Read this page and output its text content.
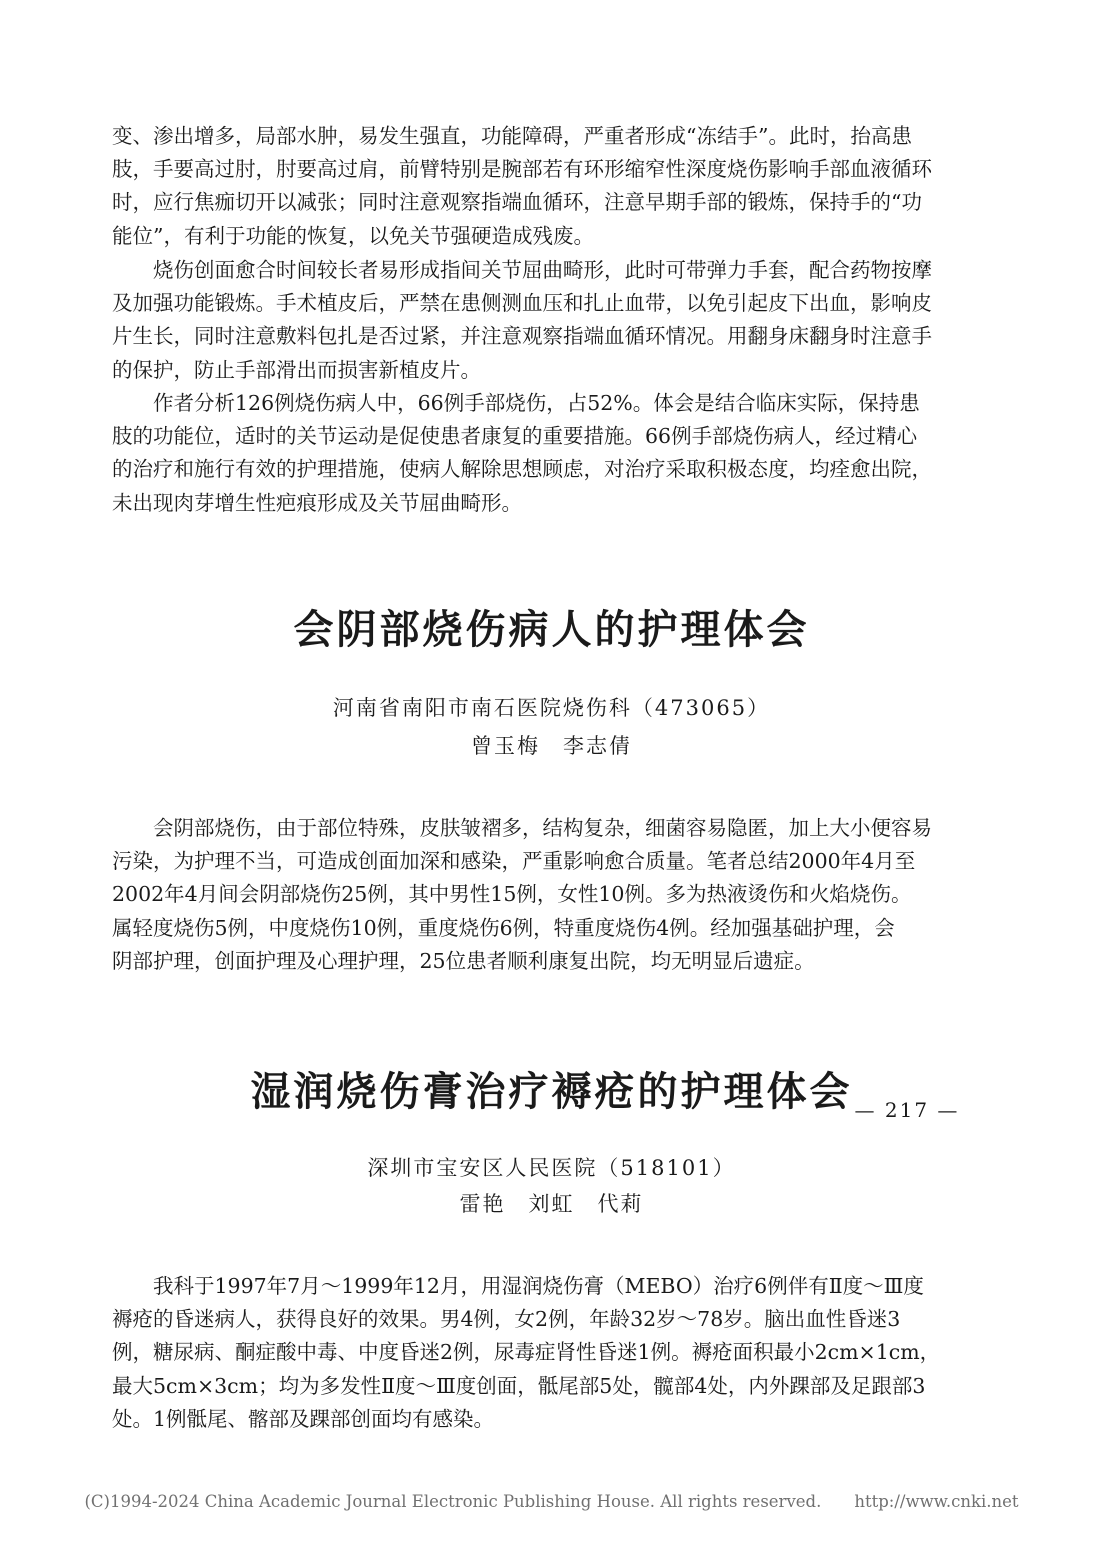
变、渗出增多，局部水肿，易发生强直，功能障碍，严重者形成“冻结手”。此时，抬高患
肢，手要高过肘，肘要高过肩，前臂特别是腕部若有环形缩窄性深度烧伤影响手部血液循环
时，应行焦痂切开以减张；同时注意观察指端血循环，注意早期手部的锻炼，保持手的“功
能位”，有利于功能的恢复，以免关节强硬造成残废。
　　烧伤创面愈合时间较长者易形成指间关节屈曲畸形，此时可带弹力手套，配合药物按摩
及加强功能锻炼。手术植皮后，严禁在患侧测血压和扎止血带，以免引起皮下出血，影响皮
片生长，同时注意敷料包扎是否过紧，并注意观察指端血循环情况。用翻身床翻身时注意手
的保护，防止手部滑出而损害新植皮片。
　　作者分析126例烧伤病人中，66例手部烧伤，占52%。体会是结合临床实际，保持患
肢的功能位，适时的关节运动是促使患者康复的重要措施。66例手部烧伤病人，经过精心
的治疗和施行有效的护理措施，使病人解除思想顾虑，对治疗采取积极态度，均痊愈出院，
未出现肉芽增生性疤痕形成及关节屈曲畸形。
会阴部烧伤病人的护理体会

河南省南阳市南石医院烧伤科（473065）

曾玉梅　李志倩

　　会阴部烧伤，由于部位特殊，皮肤皱褶多，结构复杂，细菌容易隐匿，加上大小便容易
污染，为护理不当，可造成创面加深和感染，严重影响愈合质量。笔者总结2000年4月至
2002年4月间会阴部烧伤25例，其中男性15例，女性10例。多为热液烫伤和火焰烧伤。
属轻度烧伤5例，中度烧伤10例，重度烧伤6例，特重度烧伤4例。经加强基础护理，会
阴部护理，创面护理及心理护理，25位患者顺利康复出院，均无明显后遗症。
湿润烧伤膏治疗褥疮的护理体会

深圳市宝安区人民医院（518101）

雷艳　刘虹　代莉

　　我科于1997年7月～1999年12月，用湿润烧伤膏（MEBO）治疗6例伴有Ⅱ度～Ⅲ度
褥疮的昏迷病人，获得良好的效果。男4例，女2例，年龄32岁～78岁。脑出血性昏迷3
例，糖尿病、酮症酸中毒、中度昏迷2例，尿毒症肾性昏迷1例。褥疮面积最小2cm×1cm，
最大5cm×3cm；均为多发性Ⅱ度～Ⅲ度创面，骶尾部5处，髋部4处，内外踝部及足跟部3
处。1例骶尾、髂部及踝部创面均有感染。
— 217 —
(C)1994-2024 China Academic Journal Electronic Publishing House. All rights reserved.　　http://www.cnki.net
